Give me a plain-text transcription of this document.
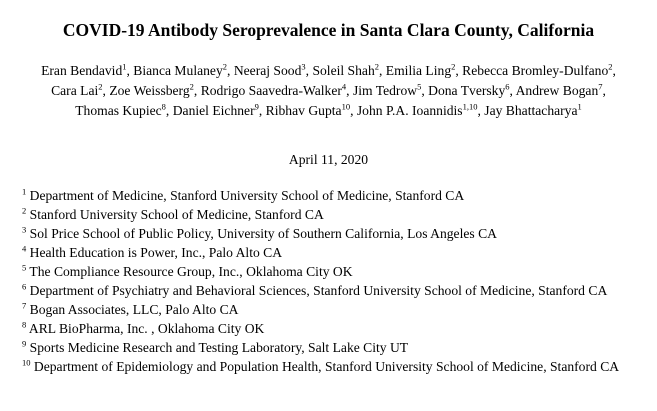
COVID-19 Antibody Seroprevalence in Santa Clara County, California
Eran Bendavid$^1$, Bianca Mulaney$^2$, Neeraj Sood$^3$, Soleil Shah$^2$, Emilia Ling$^2$, Rebecca Bromley-Dulfano$^2$,
Cara Lai$^2$, Zoe Weissberg$^2$, Rodrigo Saavedra-Walker$^4$, Jim Tedrow$^5$, Dona Tversky$^6$, Andrew Bogan$^7$,
Thomas Kupiec$^8$, Daniel Eichner$^9$, Ribhav Gupta$^{10}$, John P.A. Ioannidis$^{1,10}$, Jay Bhattacharya$^1$
April 11, 2020
$^1$ Department of Medicine, Stanford University School of Medicine, Stanford CA
$^2$ Stanford University School of Medicine, Stanford CA
$^3$ Sol Price School of Public Policy, University of Southern California, Los Angeles CA
$^4$ Health Education is Power, Inc., Palo Alto CA
$^5$ The Compliance Resource Group, Inc., Oklahoma City OK
$^6$ Department of Psychiatry and Behavioral Sciences, Stanford University School of Medicine, Stanford CA
$^7$ Bogan Associates, LLC, Palo Alto CA
$^8$ ARL BioPharma, Inc. , Oklahoma City OK
$^9$ Sports Medicine Research and Testing Laboratory, Salt Lake City UT
$^{10}$ Department of Epidemiology and Population Health, Stanford University School of Medicine, Stanford CA
